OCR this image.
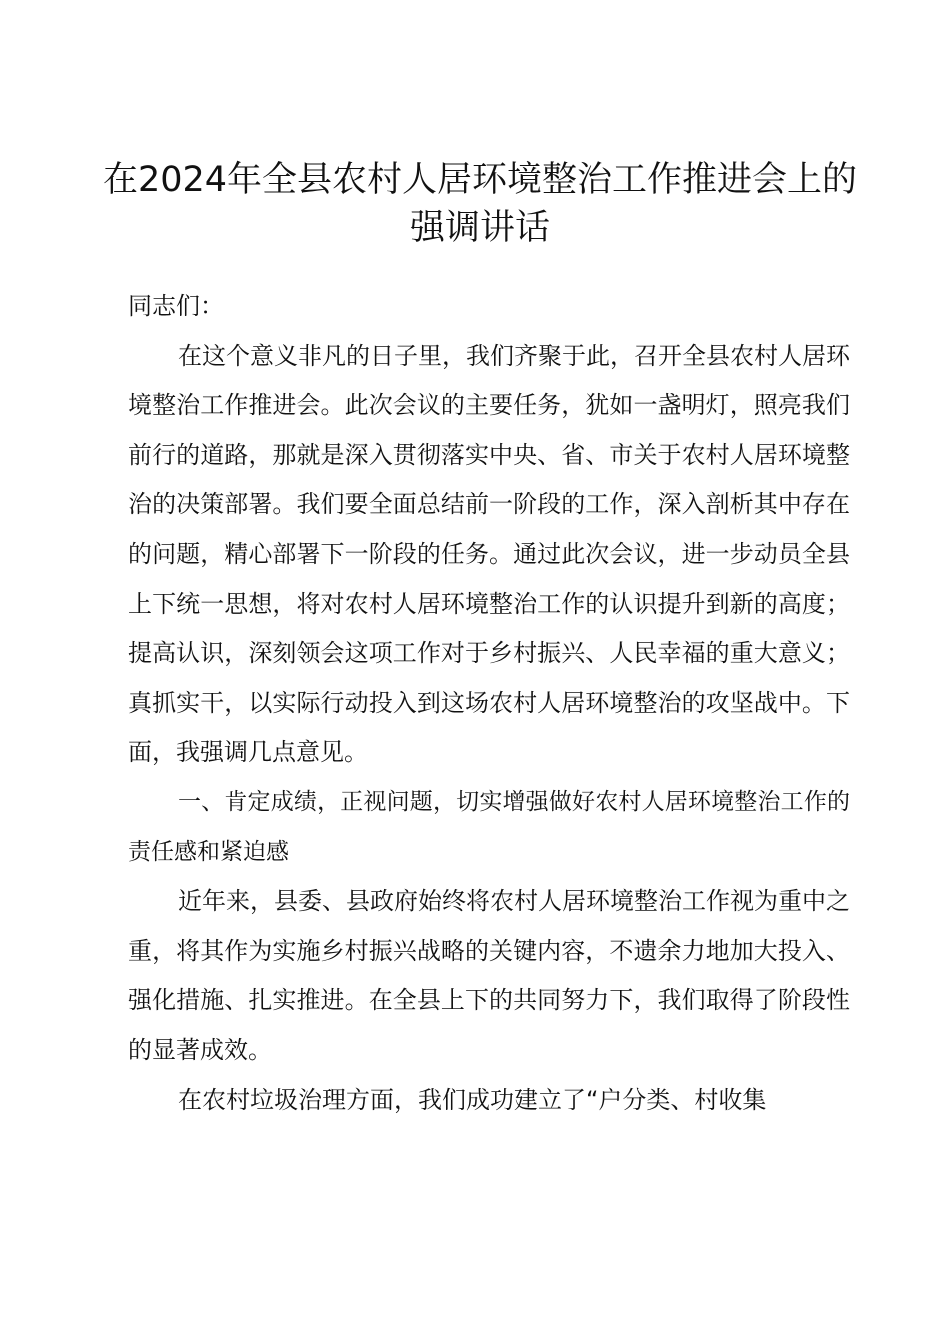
在2024年全县农村人居环境整治工作推进会上的强调讲话

同志们：

在这个意义非凡的日子里，我们齐聚于此，召开全县农村人居环境整治工作推进会。此次会议的主要任务，犹如一盏明灯，照亮我们前行的道路，那就是深入贯彻落实中央、省、市关于农村人居环境整治的决策部署。我们要全面总结前一阶段的工作，深入剖析其中存在的问题，精心部署下一阶段的任务。通过此次会议，进一步动员全县上下统一思想，将对农村人居环境整治工作的认识提升到新的高度；提高认识，深刻领会这项工作对于乡村振兴、人民幸福的重大意义；真抓实干，以实际行动投入到这场农村人居环境整治的攻坚战中。下面，我强调几点意见。

一、肯定成绩，正视问题，切实增强做好农村人居环境整治工作的责任感和紧迫感

近年来，县委、县政府始终将农村人居环境整治工作视为重中之重，将其作为实施乡村振兴战略的关键内容，不遗余力地加大投入、强化措施、扎实推进。在全县上下的共同努力下，我们取得了阶段性的显著成效。

在农村垃圾治理方面，我们成功建立了“户分类、村收集
